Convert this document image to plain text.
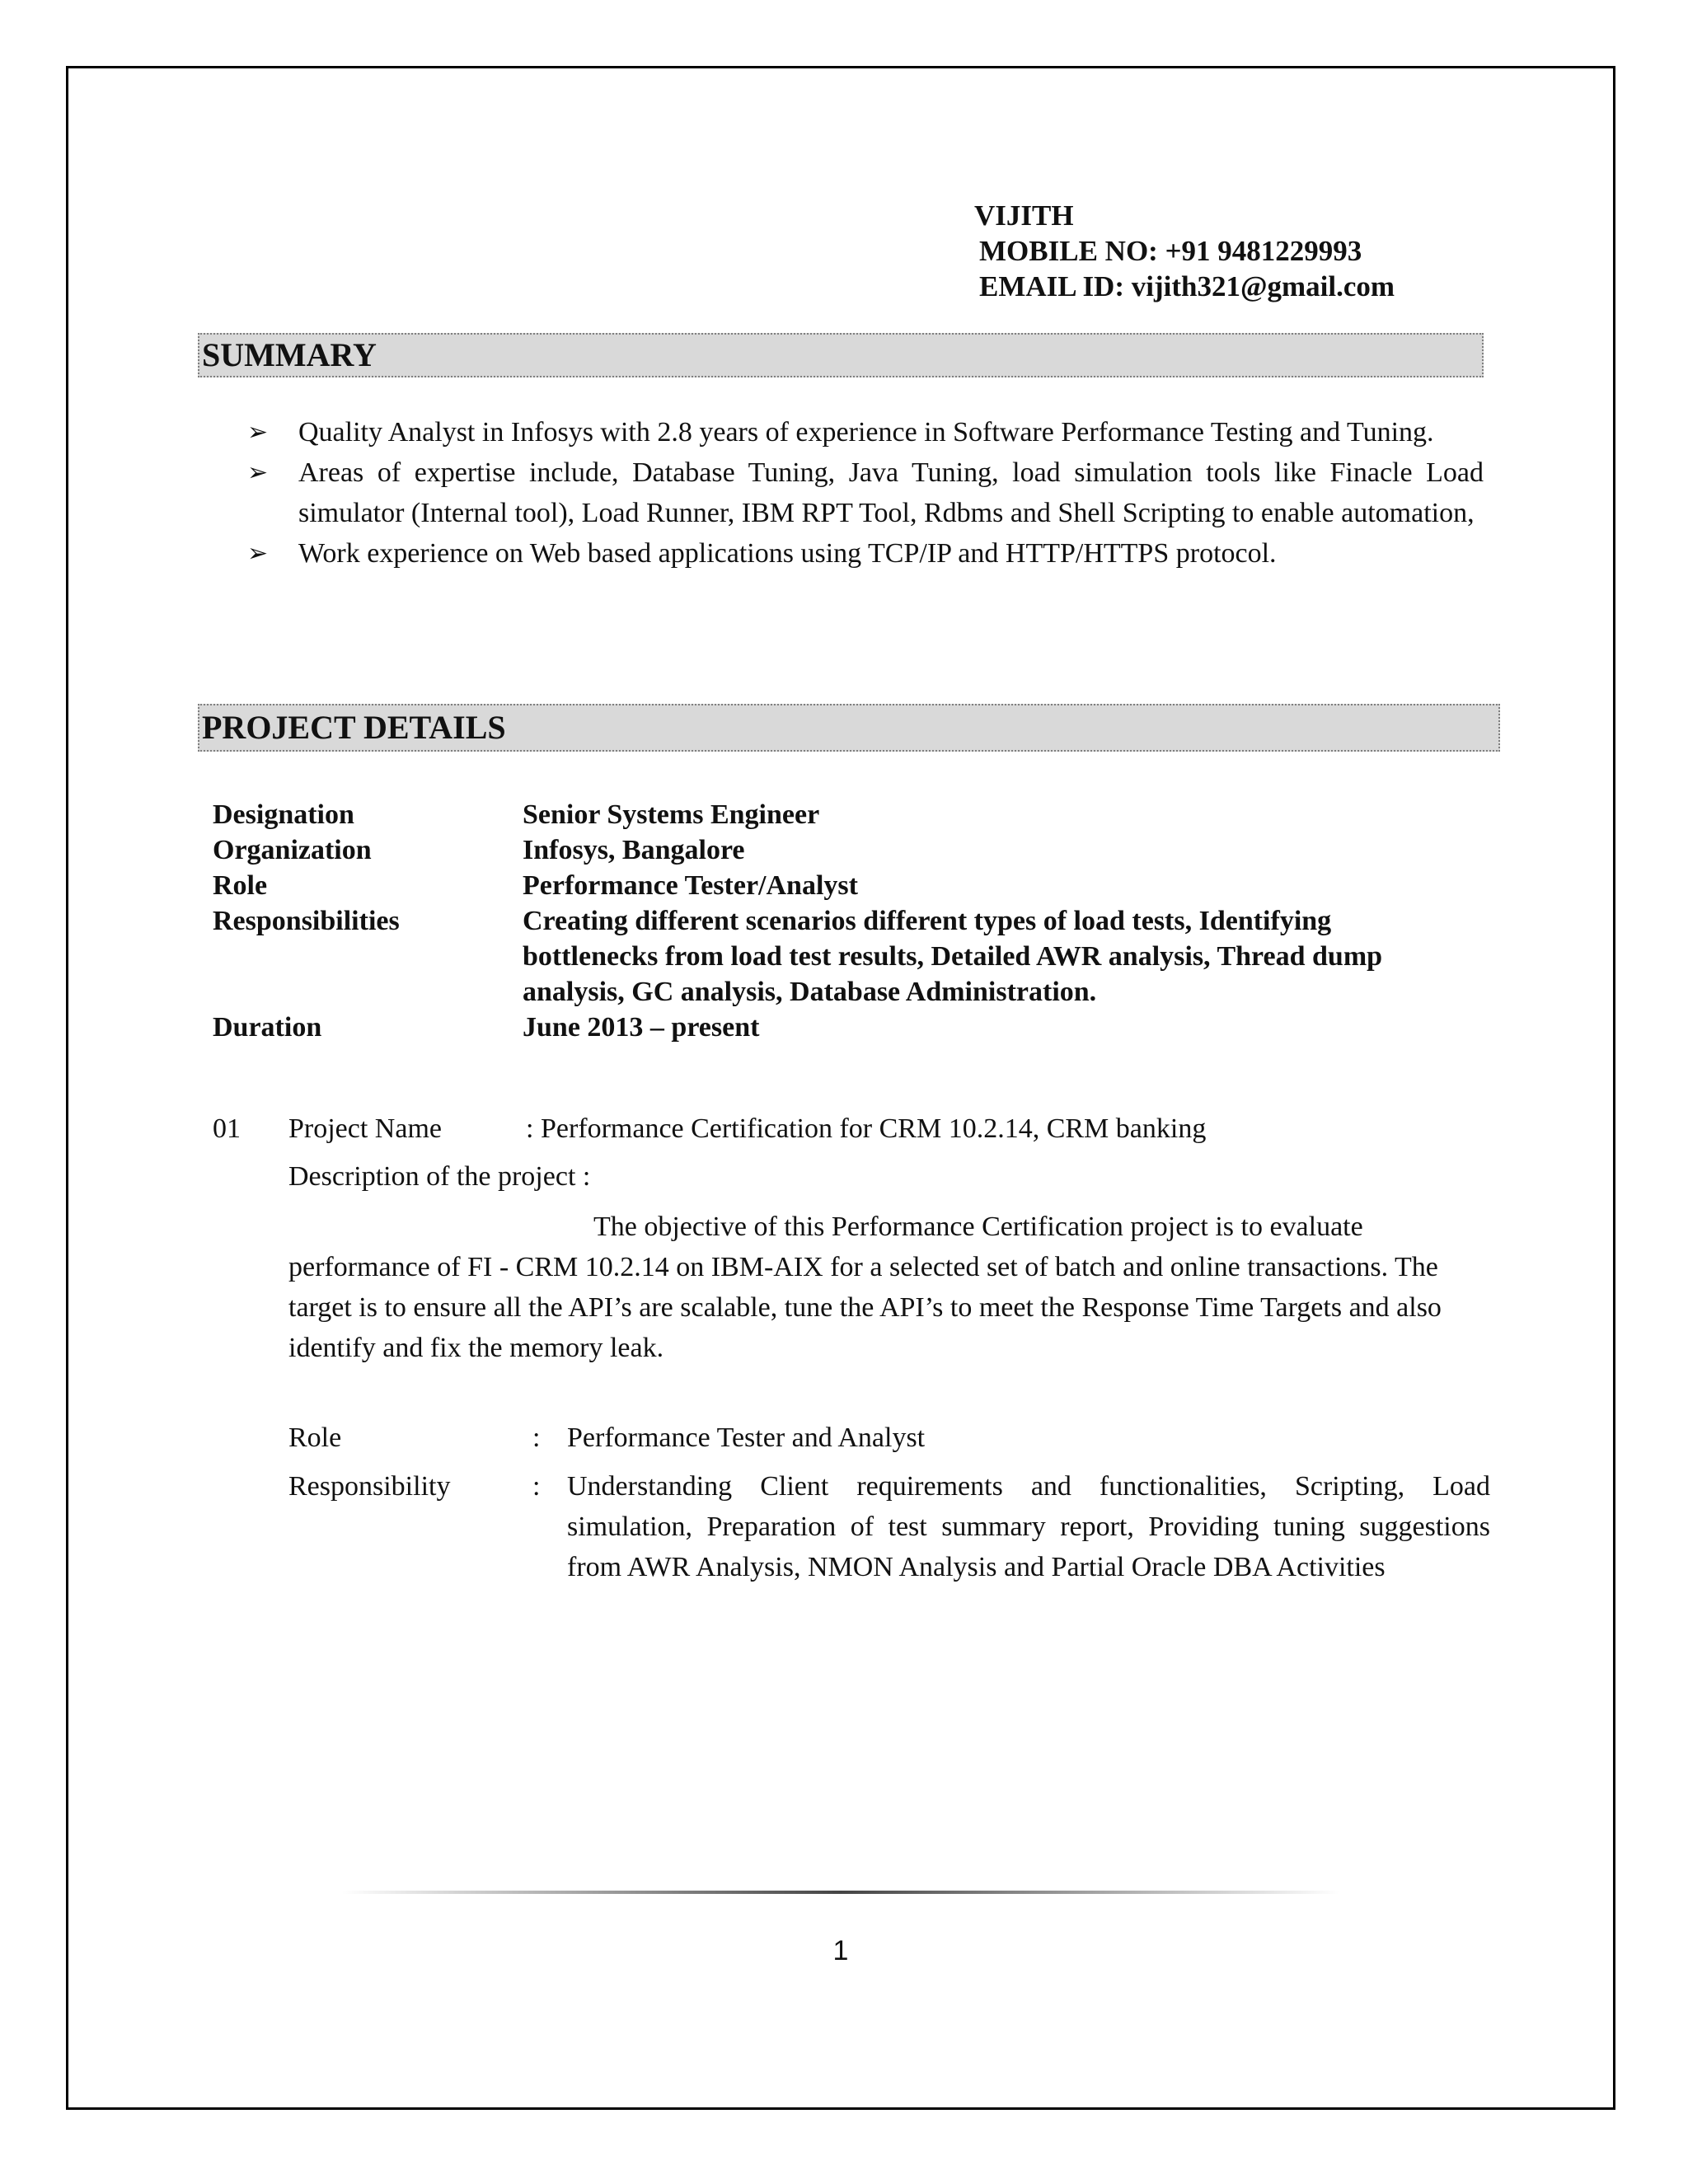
VIJITH
MOBILE NO: +91 9481229993
EMAIL ID: vijith321@gmail.com
SUMMARY
➢ Quality Analyst in Infosys with 2.8 years of experience in Software Performance Testing and Tuning.
➢ Areas of expertise include, Database Tuning, Java Tuning, load simulation tools like Finacle Load simulator (Internal tool), Load Runner, IBM RPT Tool, Rdbms and Shell Scripting to enable automation,
➢ Work experience on Web based applications using TCP/IP and HTTP/HTTPS protocol.
PROJECT DETAILS
Designation	Senior Systems Engineer
Organization	Infosys, Bangalore
Role	Performance Tester/Analyst
Responsibilities	Creating different scenarios different types of load tests, Identifying bottlenecks from load test results, Detailed AWR analysis, Thread dump analysis, GC analysis, Database Administration.
Duration	June 2013 – present
01	Project Name	: Performance Certification for CRM 10.2.14, CRM banking
Description of the project :
The objective of this Performance Certification project is to evaluate performance of FI - CRM 10.2.14 on IBM-AIX for a selected set of batch and online transactions. The target is to ensure all the API’s are scalable, tune the API’s to meet the Response Time Targets and also identify and fix the memory leak.
Role	: Performance Tester and Analyst
Responsibility	: Understanding Client requirements and functionalities, Scripting, Load simulation, Preparation of test summary report, Providing tuning suggestions from AWR Analysis, NMON Analysis and Partial Oracle DBA Activities
1
